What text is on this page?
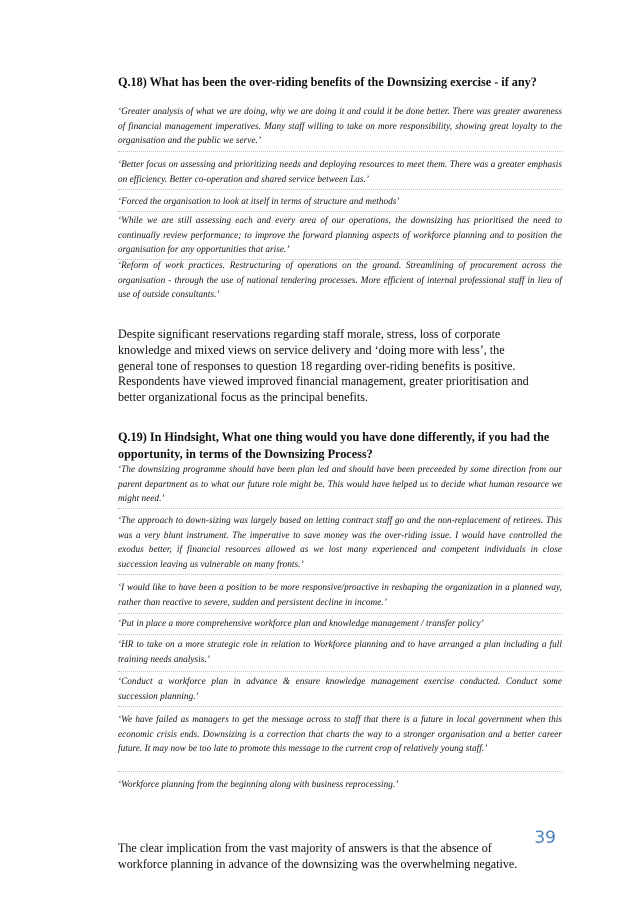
Q.18) What has been the over-riding benefits of the Downsizing exercise - if any?

‘Greater analysis of what we are doing, why we are doing it and could it be done better. There was greater awareness of financial management imperatives. Many staff willing to take on more responsibility, showing great loyalty to the organisation and the public we serve.’

‘Better focus on assessing and prioritizing needs and deploying resources to meet them. There was a greater emphasis on efficiency. Better co-operation and shared service between Las.’

‘Forced the organisation to look at itself in terms of structure and methods’

‘While we are still assessing each and every area of our operations, the downsizing has prioritised the need to continually review performance; to improve the forward planning aspects of workforce planning and to position the organisation for any opportunities that arise.’

‘Reform of work practices. Restructuring of operations on the ground. Streamlining of procurement across the organisation - through the use of national tendering processes. More efficient of internal professional staff in lieu of use of outside consultants.’

Despite significant reservations regarding staff morale, stress, loss of corporate

knowledge and mixed views on service delivery and ‘doing more with less’, the

general tone of responses to question 18 regarding over-riding benefits is positive.

Respondents have viewed improved financial management, greater prioritisation and

better organizational focus as the principal benefits.

Q.19) In Hindsight, What one thing would you have done differently, if you had the opportunity, in terms of the Downsizing Process?

‘The downsizing programme should have been plan led and should have been preceeded by some direction from our parent department as to what our future role might be. This would have helped us to decide what human resource we might need.’

‘The approach to down-sizing was largely based on letting contract staff go and the non-replacement of retirees. This was a very blunt instrument. The imperative to save money was the over-riding issue. I would have controlled the exodus better, if financial resources allowed as we lost many experienced and competent individuals in close succession leaving us vulnerable on many fronts.’

‘I would like to have been a position to be more responsive/proactive in reshaping the organization in a planned way, rather than reactive to severe, sudden and persistent decline in income.’

‘Put in place a more comprehensive workforce plan and knowledge management / transfer policy’

‘HR to take on a more strategic role in relation to Workforce planning and to have arranged a plan including a full training needs analysis.’

‘Conduct a workforce plan in advance & ensure knowledge management exercise conducted. Conduct some succession planning.’

‘We have failed as managers to get the message across to staff that there is a future in local government when this economic crisis ends. Downsizing is a correction that charts the way to a stronger organisation and a better career future. It may now be too late to promote this message to the current crop of relatively young staff.’

‘Workforce planning from the beginning along with business reprocessing.’

The clear implication from the vast majority of answers is that the absence of

workforce planning in advance of the downsizing was the overwhelming negative.

39
